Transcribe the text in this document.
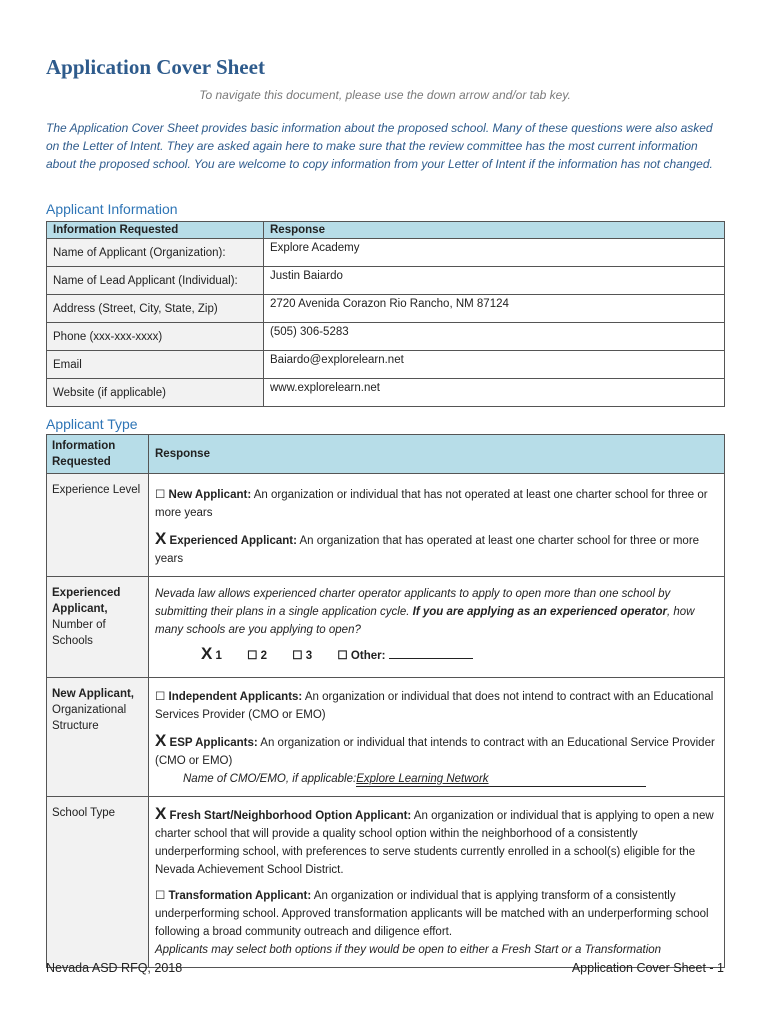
Application Cover Sheet
To navigate this document, please use the down arrow and/or tab key.
The Application Cover Sheet provides basic information about the proposed school. Many of these questions were also asked on the Letter of Intent. They are asked again here to make sure that the review committee has the most current information about the proposed school. You are welcome to copy information from your Letter of Intent if the information has not changed.
Applicant Information
Information Requested	Response
Name of Applicant (Organization):	Explore Academy
Name of Lead Applicant (Individual):	Justin Baiardo
Address (Street, City, State, Zip)	2720 Avenida Corazon Rio Rancho, NM 87124
Phone (xxx-xxx-xxxx)	(505) 306-5283
Email	Baiardo@explorelearn.net
Website (if applicable)	www.explorelearn.net
Applicant Type
Information Requested	Response
Experience Level	☐ New Applicant: An organization or individual that has not operated at least one charter school for three or more years
X Experienced Applicant: An organization that has operated at least one charter school for three or more years

Experienced Applicant, Number of Schools	Nevada law allows experienced charter operator applicants to apply to open more than one school by submitting their plans in a single application cycle. If you are applying as an experienced operator, how many schools are you applying to open?
X 1 ☐ 2 ☐ 3 ☐ Other:

New Applicant, Organizational Structure	☐ Independent Applicants: An organization or individual that does not intend to contract with an Educational Services Provider (CMO or EMO)
X ESP Applicants: An organization or individual that intends to contract with an Educational Service Provider (CMO or EMO)
Name of CMO/EMO, if applicable:Explore Learning Network

School Type	X Fresh Start/Neighborhood Option Applicant: An organization or individual that is applying to open a new charter school that will provide a quality school option within the neighborhood of a consistently underperforming school, with preferences to serve students currently enrolled in a school(s) eligible for the Nevada Achievement School District.
☐ Transformation Applicant: An organization or individual that is applying transform of a consistently underperforming school. Approved transformation applicants will be matched with an underperforming school following a broad community outreach and diligence effort.
Applicants may select both options if they would be open to either a Fresh Start or a Transformation
Nevada ASD RFQ, 2018	Application Cover Sheet - 1
